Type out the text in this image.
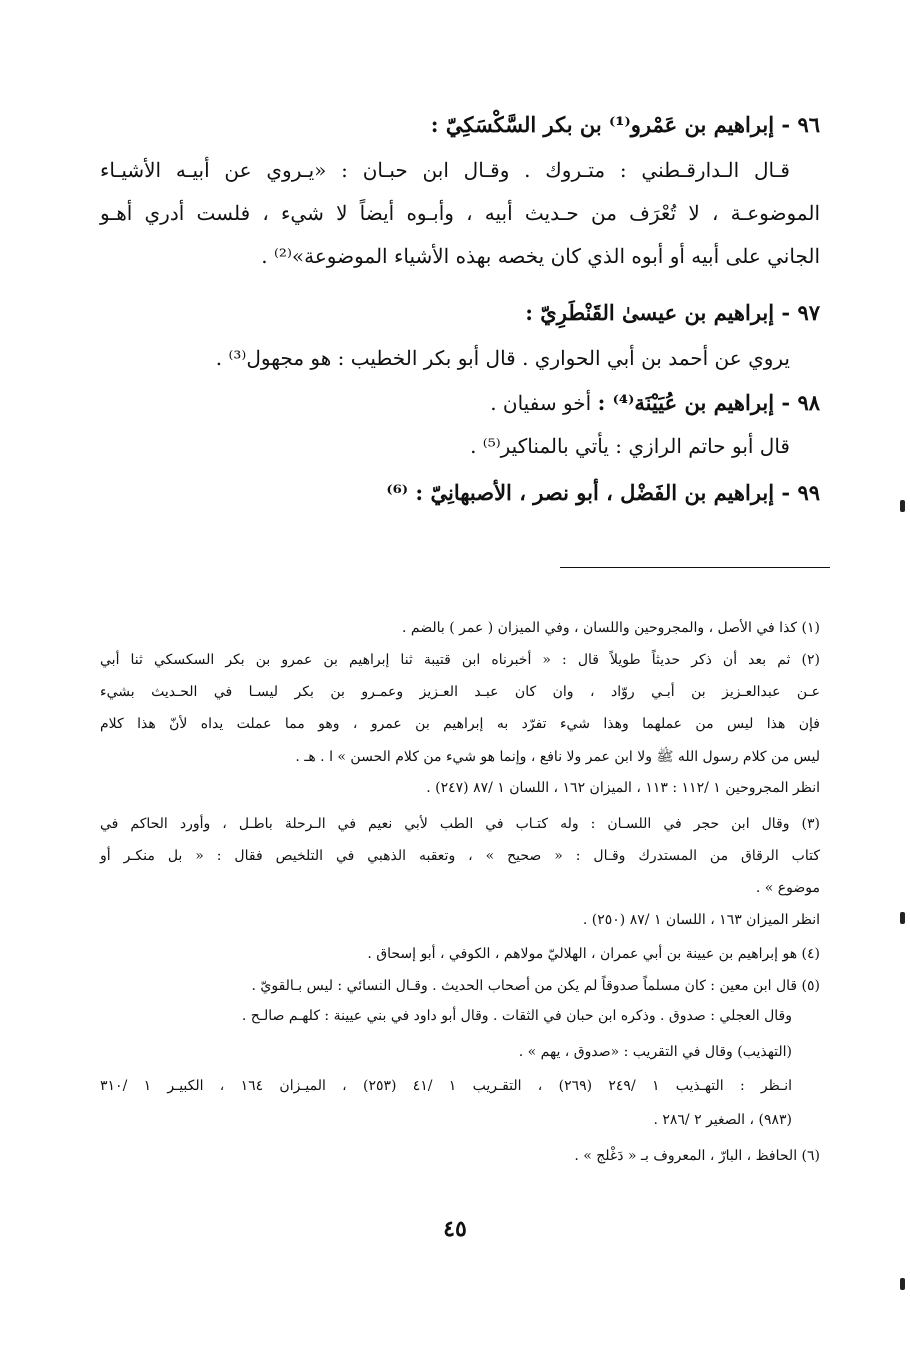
٩٦ - إبراهيم بن عَمْرو⁽¹⁾ بن بكر السَّكْسَكِيّ :
قـال الـدارقـطني : متـروك . وقـال ابن حبـان : «يـروي عن أبيـه الأشيـاء
الموضوعـة ، لا تُعْرَف من حـديث أبيه ، وأبـوه أيضاً لا شيء ، فلست أدري أهـو
الجاني على أبيه أو أبوه الذي كان يخصه بهذه الأشياء الموضوعة»⁽²⁾ .
٩٧ - إبراهيم بن عيسىٰ القَنْطَرِيّ :
يروي عن أحمد بن أبي الحواري . قال أبو بكر الخطيب : هو مجهول⁽³⁾ .
٩٨ - إبراهيم بن عُيَيْنَة⁽⁴⁾ : أخو سفيان .
قال أبو حاتم الرازي : يأتي بالمناكير⁽⁵⁾ .
٩٩ - إبراهيم بن الفَضْل ، أبو نصر ، الأصبهانِيّ : ⁽⁶⁾
(١) كذا في الأصل ، والمجروحين واللسان ، وفي الميزان ( عمر ) بالضم .
(٢) ثم بعد أن ذكر حديثاً طويلاً قال : « أخبرناه ابن قتيبة ثنا إبراهيم بن عمرو بن بكر السكسكي ثنا أبي
عـن عبدالعـزيز بن أبـي روّاد ، وان كان عبـد العـزيز وعمـرو بن بكر ليسـا في الحـديث بشيء
فإن هذا ليس من عملهما وهذا شيء تفرّد به إبراهيم بن عمرو ، وهو مما عملت يداه لأنّ هذا كلام
ليس من كلام رسول الله ﷺ ولا ابن عمر ولا نافع ، وإنما هو شيء من كلام الحسن » ا . هـ .
انظر المجروحين ١ /١١٢ : ١١٣ ، الميزان ١٦٢ ، اللسان ١ /٨٧ (٢٤٧) .
(٣) وقال ابن حجر في اللسـان : وله كتـاب في الطب لأبي نعيم في الـرحلة باطـل ، وأورد الحاكم في
كتاب الرقاق من المستدرك وقـال : « صحيح » ، وتعقبه الذهبي في التلخيص فقال : « بل منكـر أو
موضوع » .
انظر الميزان ١٦٣ ، اللسان ١ /٨٧ (٢٥٠) .
(٤) هو إبراهيم بن عيينة بن أبي عمران ، الهلاليّ مولاهم ، الكوفي ، أبو إسحاق .
(٥) قال ابن معين : كان مسلماً صدوقاً لم يكن من أصحاب الحديث . وقـال النسائي : ليس بـالقويّ .
وقال العجلي : صدوق . وذكره ابن حبان في الثقات . وقال أبو داود في بني عيينة : كلهـم صالـح .
(التهذيب) وقال في التقريب : «صدوق ، يهم » .
انـظر : التهـذيب ١ /٢٤٩ (٢٦٩) ، التقـريب ١ /٤١ (٢٥٣) ، الميـزان ١٦٤ ، الكبيـر ١ /٣١٠
(٩٨٣) ، الصغير ٢ /٢٨٦ .
(٦) الحافظ ، البارّ ، المعروف بـ « دَغْلج » .
٤٥
